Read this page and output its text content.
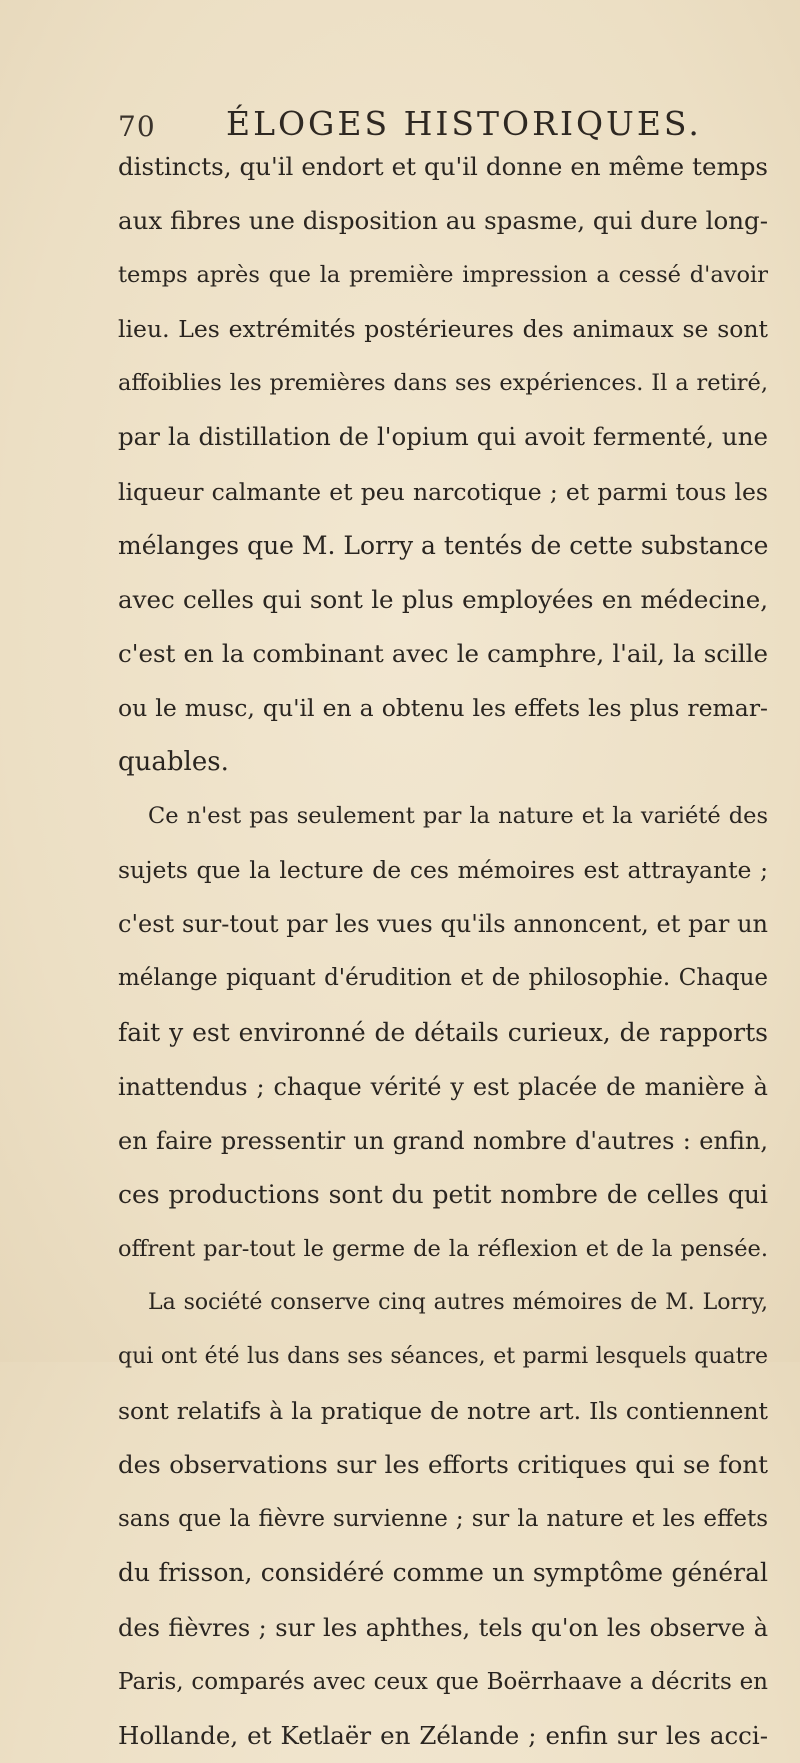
70 ÉLOGES HISTORIQUES.
distincts, qu'il endort et qu'il donne en même temps
aux fibres une disposition au spasme, qui dure long-
temps après que la première impression a cessé d'avoir
lieu. Les extrémités postérieures des animaux se sont
affoiblies les premières dans ses expériences. Il a retiré,
par la distillation de l'opium qui avoit fermenté, une
liqueur calmante et peu narcotique ; et parmi tous les
mélanges que M. Lorry a tentés de cette substance
avec celles qui sont le plus employées en médecine,
c'est en la combinant avec le camphre, l'ail, la scille
ou le musc, qu'il en a obtenu les effets les plus remar-
quables.
Ce n'est pas seulement par la nature et la variété des
sujets que la lecture de ces mémoires est attrayante ;
c'est sur-tout par les vues qu'ils annoncent, et par un
mélange piquant d'érudition et de philosophie. Chaque
fait y est environné de détails curieux, de rapports
inattendus ; chaque vérité y est placée de manière à
en faire pressentir un grand nombre d'autres : enfin,
ces productions sont du petit nombre de celles qui
offrent par-tout le germe de la réflexion et de la pensée.
La société conserve cinq autres mémoires de M. Lorry,
qui ont été lus dans ses séances, et parmi lesquels quatre
sont relatifs à la pratique de notre art. Ils contiennent
des observations sur les efforts critiques qui se font
sans que la fièvre survienne ; sur la nature et les effets
du frisson, considéré comme un symptôme général
des fièvres ; sur les aphthes, tels qu'on les observe à
Paris, comparés avec ceux que Boërrhaave a décrits en
Hollande, et Ketlaër en Zélande ; enfin sur les acci-
